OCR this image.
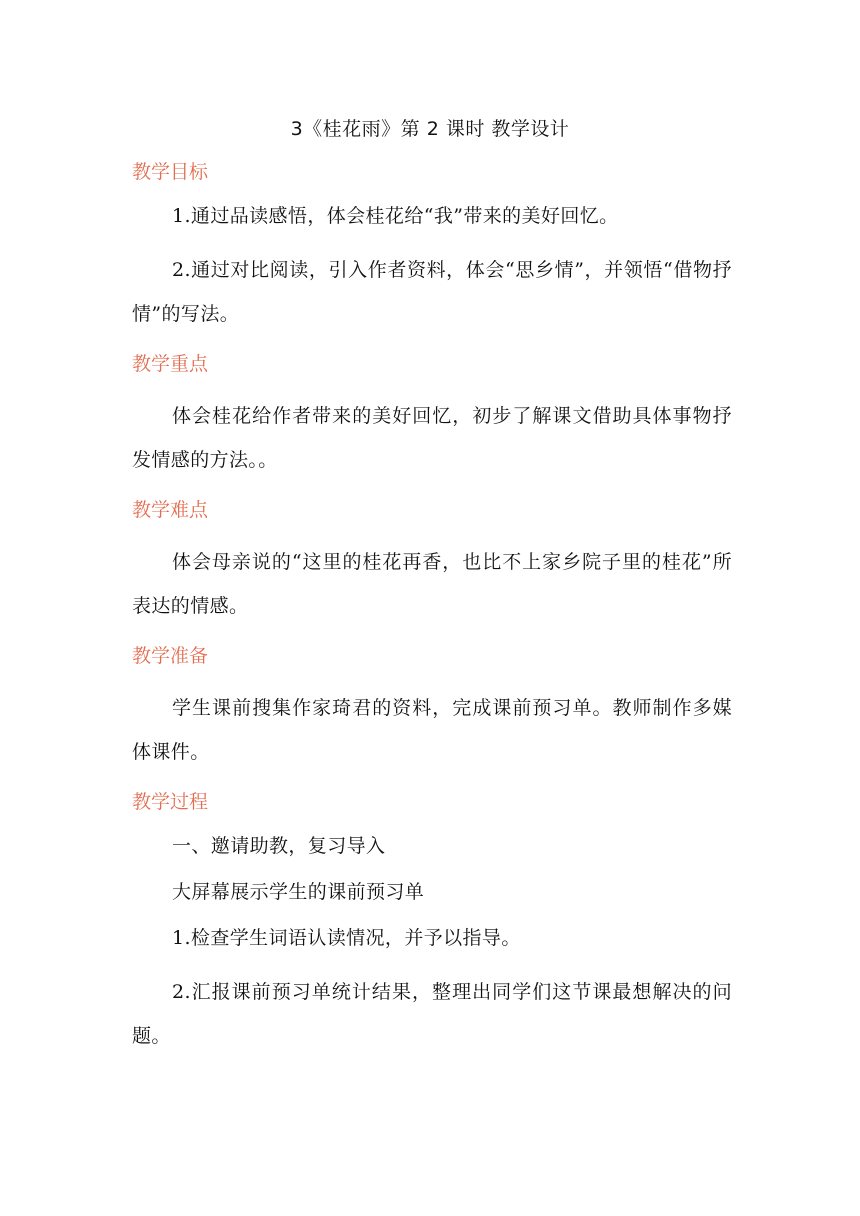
3《桂花雨》第 2 课时 教学设计
教学目标

1.通过品读感悟，体会桂花给“我”带来的美好回忆。

2.通过对比阅读，引入作者资料，体会“思乡情”，并领悟“借物抒情”的写法。

教学重点

体会桂花给作者带来的美好回忆，初步了解课文借助具体事物抒发情感的方法。。

教学难点

体会母亲说的“这里的桂花再香，也比不上家乡院子里的桂花”所表达的情感。

教学准备

学生课前搜集作家琦君的资料，完成课前预习单。教师制作多媒体课件。

教学过程

一、邀请助教，复习导入

大屏幕展示学生的课前预习单

1.检查学生词语认读情况，并予以指导。

2.汇报课前预习单统计结果，整理出同学们这节课最想解决的问题。
